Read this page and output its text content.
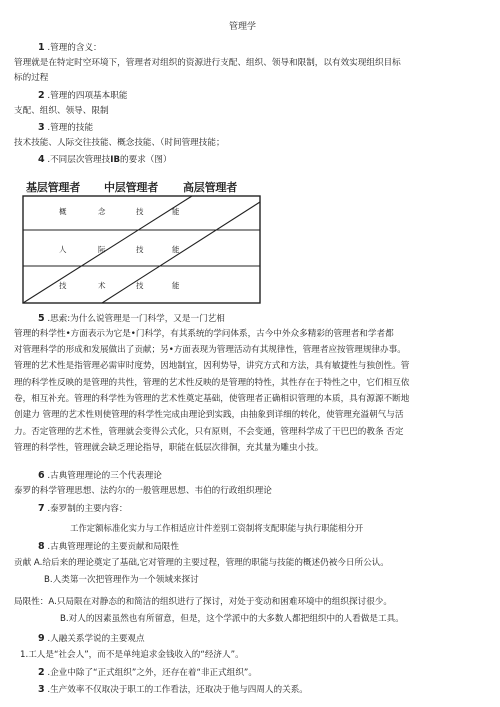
管理学
1 .管理的含义：
管理就是在特定时空环境下，管理者对组织的资源进行支配、组织、领导和限制，以有效实现组织目标
标的过程
2 .管理的四项基本职能
支配、组织、领导、限制
3 .管理的技能
技术技能、人际交往技能、概念技能、（时间管理技能；
4 .不同层次管理技IB的要求（图）
基层管理者 中层管理者 高层管理者
概	念	技	能
人	际	技	能
技	术	技	能
5 .思索:为什么说管理是一门科学，又是一门艺相
管理的科学性•方面表示为它是•门科学，有其系统的学问体系，古今中外众多精彩的管理者和学者都
对管理科学的形成和发展做出了贡献；另•方面表现为管理活动有其规律性，管理者应按管理规律办事。
管理的艺术性是指管理必需审时度势，因地制宜，因利势导，讲究方式和方法，具有敏捷性与独创性。管
理的科学性反映的是管理的共性，管理的艺术性反映的是管理的特性，其性存在于特性之中，它们相互依
卷，相互补充。管理的科学性为管理的艺术性奠定基础，使管理者正确相识管理的本质，具有源源不断地
创建力 管理的艺术性则使管理的科学性完成由理论到实践，由抽象到详细的转化，使管理充溢朝气与活
力。否定管理的艺术性，管理就会变得公式化，只有原则，不会变通，管理科学成了干巴巴的教条 否定
管理的科学性，管理就会缺乏理论指导，职能在低层次徘徊，充其量为雕虫小技。
6 .古典管理理论的三个代表理论
泰罗的科学管理思想、法约尔的一般管理思想、韦伯的行政组织理论
7 .泰罗制的主要内容：
工作定额标准化实力与工作相适应计件差别工资制将支配职能与执行职能相分开
8 .古典管理理论的主要贡献和局限性
贡献 A.给后来的理论奠定了基础,它对管理的主要过程，管理的职能与技能的概述仍被今日所公认。
B.人类第一次把管理作为一个领域来探讨
局限性：A.只局限在对静态的和简洁的组织进行了探讨，对处于变动和困难环境中的组织探讨很少。
B.对人的因素虽然也有所留意，但是，这个学派中的大多数人都把组织中的人看做是工具。
9 .人融关系学说的主要观点
1.工人是“社会人”，而不是单纯追求金钱收入的“经济人”。
2 .企业中除了“正式组织”之外，还存在着“非正式组织”。
3 .生产效率不仅取决于职工的工作看法，还取决于他与四周人的关系。
